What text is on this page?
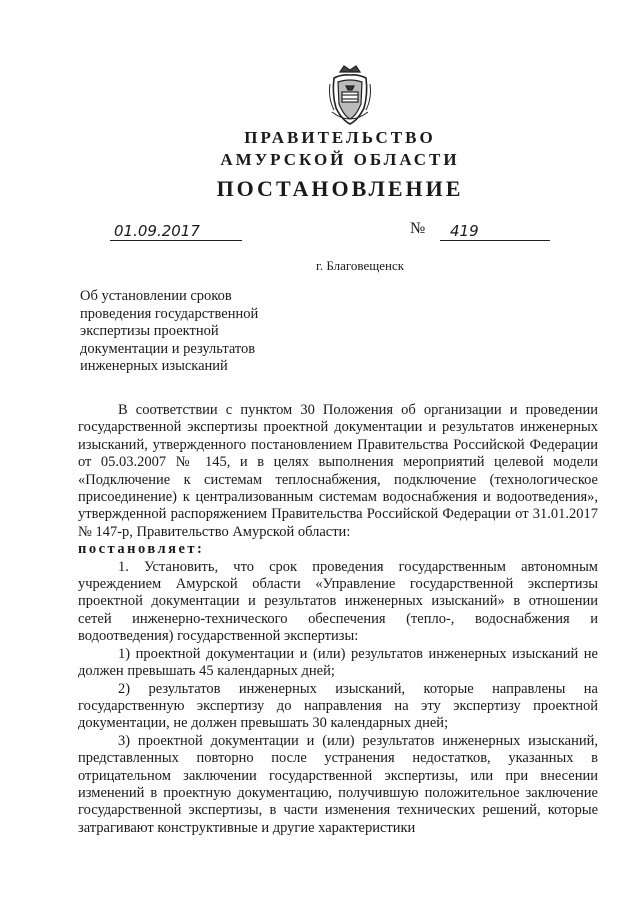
ПРАВИТЕЛЬСТВО
АМУРСКОЙ ОБЛАСТИ
ПОСТАНОВЛЕНИЕ
01.09.2017	№	419
г. Благовещенск
Об установлении сроков проведения государственной экспертизы проектной документации и результатов инженерных изысканий

В соответствии с пунктом 30 Положения об организации и проведении государственной экспертизы проектной документации и результатов инженерных изысканий, утвержденного постановлением Правительства Российской Федерации от 05.03.2007 № 145, и в целях выполнения мероприятий целевой модели «Подключение к системам теплоснабжения, подключение (технологическое присоединение) к централизованным системам водоснабжения и водоотведения», утвержденной распоряжением Правительства Российской Федерации от 31.01.2017 № 147-р, Правительство Амурской области:

постановляет:

1. Установить, что срок проведения государственным автономным учреждением Амурской области «Управление государственной экспертизы проектной документации и результатов инженерных изысканий» в отношении сетей инженерно-технического обеспечения (тепло-, водоснабжения и водоотведения) государственной экспертизы:

1) проектной документации и (или) результатов инженерных изысканий не должен превышать 45 календарных дней;

2) результатов инженерных изысканий, которые направлены на государственную экспертизу до направления на эту экспертизу проектной документации, не должен превышать 30 календарных дней;

3) проектной документации и (или) результатов инженерных изысканий, представленных повторно после устранения недостатков, указанных в отрицательном заключении государственной экспертизы, или при внесении изменений в проектную документацию, получившую положительное заключение государственной экспертизы, в части изменения технических решений, которые затрагивают конструктивные и другие характеристики
